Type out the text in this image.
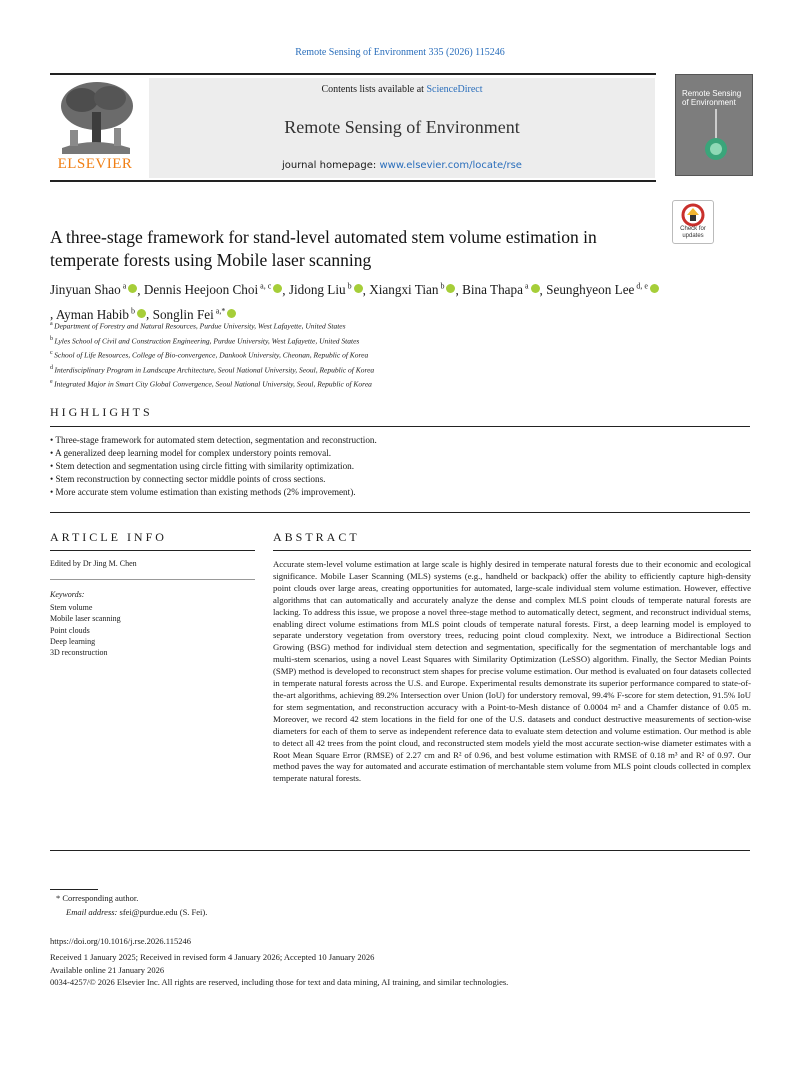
Remote Sensing of Environment 335 (2026) 115246
ELSEVIER
Contents lists available at ScienceDirect
Remote Sensing of Environment
journal homepage: www.elsevier.com/locate/rse
Remote Sensing of Environment
Check for updates
A three-stage framework for stand-level automated stem volume estimation in temperate forests using Mobile laser scanning
Jinyuan Shao $^a$ , Dennis Heejoon Choi $^{a, c}$ , Jidong Liu $^b$ , Xiangxi Tian $^b$ , Bina Thapa $^a$ , Seunghyeon Lee $^{d, e}$, Ayman Habib $^b$ , Songlin Fei $^{a,*}$
$^a$ Department of Forestry and Natural Resources, Purdue University, West Lafayette, United States
$^b$ Lyles School of Civil and Construction Engineering, Purdue University, West Lafayette, United States
$^c$ School of Life Resources, College of Bio-convergence, Dankook University, Cheonan, Republic of Korea
$^d$ Interdisciplinary Program in Landscape Architecture, Seoul National University, Seoul, Republic of Korea
$^e$ Integrated Major in Smart City Global Convergence, Seoul National University, Seoul, Republic of Korea
HIGHLIGHTS
• Three-stage framework for automated stem detection, segmentation and reconstruction.
• A generalized deep learning model for complex understory points removal.
• Stem detection and segmentation using circle fitting with similarity optimization.
• Stem reconstruction by connecting sector middle points of cross sections.
• More accurate stem volume estimation than existing methods (2% improvement).
ARTICLE INFO
Edited by Dr Jing M. Chen
Keywords:
Stem volume
Mobile laser scanning
Point clouds
Deep learning
3D reconstruction
ABSTRACT

Accurate stem-level volume estimation at large scale is highly desired in temperate natural forests due to their economic and ecological significance. Mobile Laser Scanning (MLS) systems (e.g., handheld or backpack) offer the ability to efficiently capture high-density point clouds over large areas, creating opportunities for automated, large-scale individual stem volume estimation. However, effective algorithms that can automatically and accurately analyze the dense and complex MLS point clouds of temperate natural forests are lacking. To address this issue, we propose a novel three-stage method to automatically detect, segment, and reconstruct individual stems, enabling direct volume estimations from MLS point clouds of temperate natural forests. First, a deep learning model is employed to separate understory vegetation from overstory trees, reducing point cloud complexity. Next, we introduce a Bidirectional Section Growing (BSG) method for individual stem detection and segmentation, specifically for the segmentation of merchantable logs and multi-stem scenarios, using a novel Least Squares with Similarity Optimization (LeSSO) algorithm. Finally, the Sector Median Points (SMP) method is developed to reconstruct stem shapes for precise volume estimation. Our method is evaluated on four datasets collected in temperate natural forests across the U.S. and Europe. Experimental results demonstrate its superior performance compared to state-of-the-art algorithms, achieving 89.2% Intersection over Union (IoU) for understory removal, 99.4% F-score for stem detection, 91.5% IoU for stem segmentation, and reconstruction accuracy with a Point-to-Mesh distance of 0.0004 m² and a Chamfer distance of 0.05 m. Moreover, we record 42 stem locations in the field for one of the U.S. datasets and conduct destructive measurements of section-wise diameters for each of them to serve as independent reference data to evaluate stem detection and volume estimation. Our method is able to detect all 42 trees from the point cloud, and reconstructed stem models yield the most accurate section-wise diameter estimates with a Root Mean Square Error (RMSE) of 2.27 cm and R² of 0.96, and best volume estimation with RMSE of 0.18 m³ and R² of 0.97. Our method paves the way for automated and accurate estimation of merchantable stem volume from MLS point clouds collected in complex temperate natural forests.

* Corresponding author.
Email address: sfei@purdue.edu (S. Fei).
https://doi.org/10.1016/j.rse.2026.115246
Received 1 January 2025; Received in revised form 4 January 2026; Accepted 10 January 2026
Available online 21 January 2026
0034-4257/© 2026 Elsevier Inc. All rights are reserved, including those for text and data mining, AI training, and similar technologies.
